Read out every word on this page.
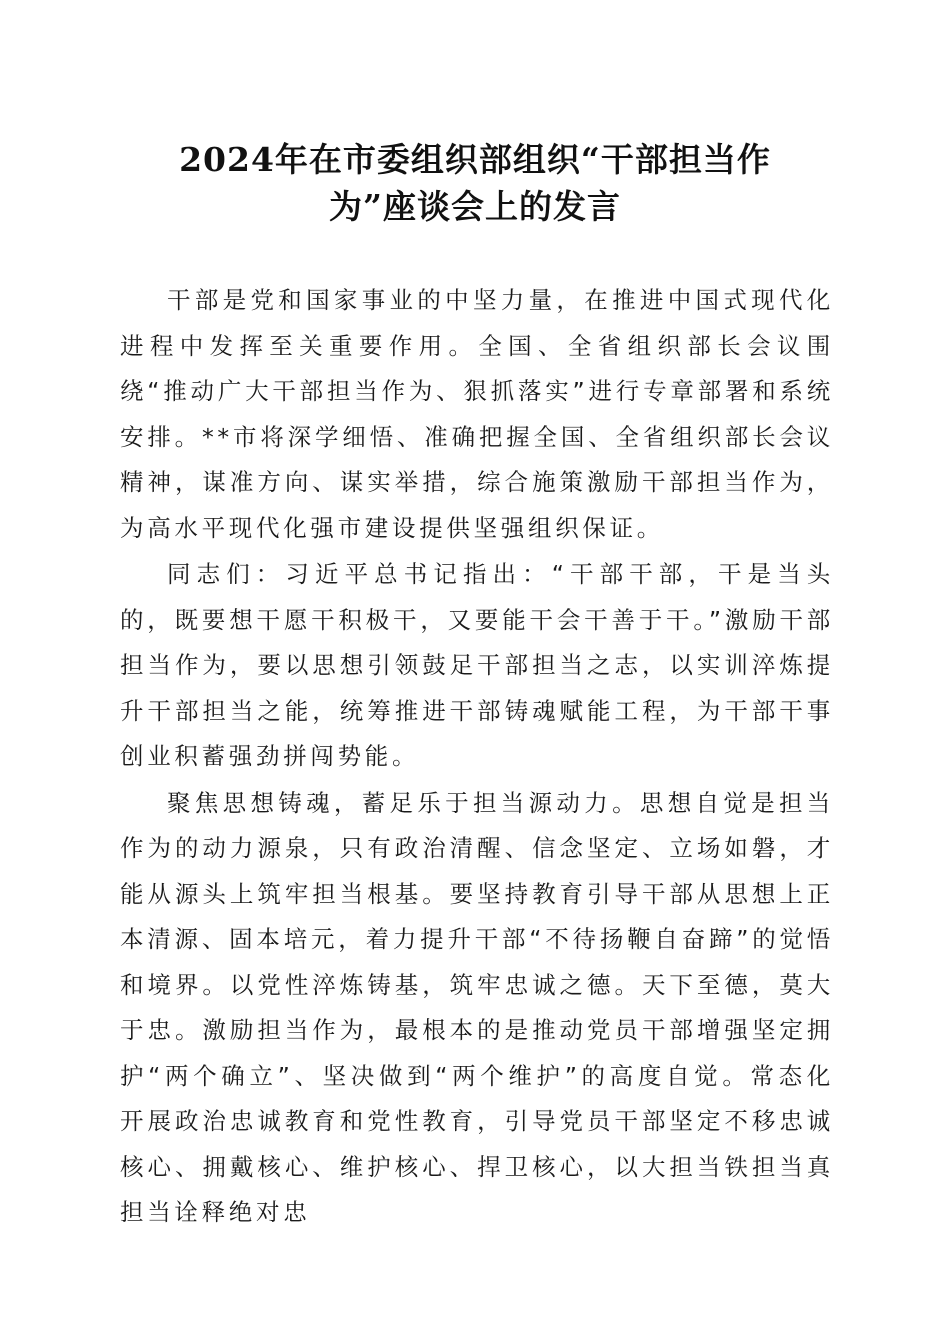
2024年在市委组织部组织“干部担当作
为”座谈会上的发言

干部是党和国家事业的中坚力量，在推进中国式现代化进程中发挥至关重要作用。全国、全省组织部长会议围绕“推动广大干部担当作为、狠抓落实”进行专章部署和系统安排。**市将深学细悟、准确把握全国、全省组织部长会议精神，谋准方向、谋实举措，综合施策激励干部担当作为，为高水平现代化强市建设提供坚强组织保证。

同志们：习近平总书记指出：“干部干部，干是当头的，既要想干愿干积极干，又要能干会干善于干。”激励干部担当作为，要以思想引领鼓足干部担当之志，以实训淬炼提升干部担当之能，统筹推进干部铸魂赋能工程，为干部干事创业积蓄强劲拼闯势能。

聚焦思想铸魂，蓄足乐于担当源动力。思想自觉是担当作为的动力源泉，只有政治清醒、信念坚定、立场如磐，才能从源头上筑牢担当根基。要坚持教育引导干部从思想上正本清源、固本培元，着力提升干部“不待扬鞭自奋蹄”的觉悟和境界。以党性淬炼铸基，筑牢忠诚之德。天下至德，莫大于忠。激励担当作为，最根本的是推动党员干部增强坚定拥护“两个确立”、坚决做到“两个维护”的高度自觉。常态化开展政治忠诚教育和党性教育，引导党员干部坚定不移忠诚核心、拥戴核心、维护核心、捍卫核心，以大担当铁担当真担当诠释绝对忠
